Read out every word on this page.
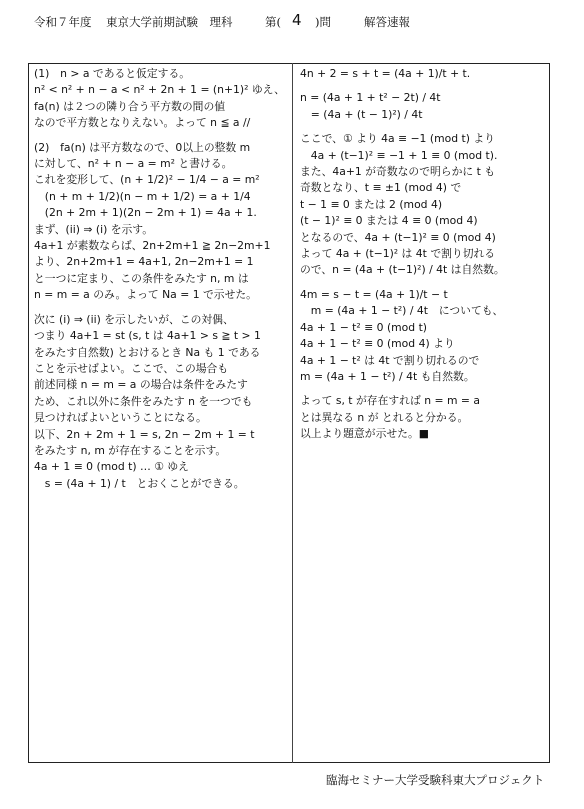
令和７年度 東京大学前期試験　理科	第( 4 )問	解答速報
(1)　n > a であると仮定する。
n² < n² + n − a < n² + 2n + 1 = (n+1)² ゆえ、
fa(n) は２つの隣り合う平方数の間の値
なので平方数となりえない。よって n ≦ a //
(2)　fa(n) は平方数なので、0以上の整数 m
に対して、n² + n − a = m² と書ける。
これを変形して、(n + 1/2)² − 1/4 − a = m²
　(n + m + 1/2)(n − m + 1/2) = a + 1/4
　(2n + 2m + 1)(2n − 2m + 1) = 4a + 1.
まず、(ii) ⇒ (i) を示す。
4a+1 が素数ならば、2n+2m+1 ≧ 2n−2m+1
より、2n+2m+1 = 4a+1, 2n−2m+1 = 1
と一つに定まり、この条件をみたす n, m は
n = m = a のみ。よって Na = 1 で示せた。
次に (i) ⇒ (ii) を示したいが、この対偶、
つまり 4a+1 = st (s, t は 4a+1 > s ≧ t > 1
をみたす自然数) とおけるとき Na も 1 である
ことを示せばよい。ここで、この場合も
前述同様 n = m = a の場合は条件をみたす
ため、これ以外に条件をみたす n を一つでも
見つければよいということになる。
以下、2n + 2m + 1 = s, 2n − 2m + 1 = t
をみたす n, m が存在することを示す。
4a + 1 ≡ 0 (mod t) … ① ゆえ
　s = (4a + 1) / t　とおくことができる。
4n + 2 = s + t = (4a + 1)/t + t.
n = (4a + 1 + t² − 2t) / 4t
　= (4a + (t − 1)²) / 4t
ここで、① より 4a ≡ −1 (mod t) より
　4a + (t−1)² ≡ −1 + 1 ≡ 0 (mod t).
また、4a+1 が奇数なので明らかに t も
奇数となり、t ≡ ±1 (mod 4) で
t − 1 ≡ 0 または 2 (mod 4)
(t − 1)² ≡ 0 または 4 ≡ 0 (mod 4)
となるので、4a + (t−1)² ≡ 0 (mod 4)
よって 4a + (t−1)² は 4t で割り切れる
ので、n = (4a + (t−1)²) / 4t は自然数。
4m = s − t = (4a + 1)/t − t
　m = (4a + 1 − t²) / 4t　についても、
4a + 1 − t² ≡ 0 (mod t)
4a + 1 − t² ≡ 0 (mod 4) より
4a + 1 − t² は 4t で割り切れるので
m = (4a + 1 − t²) / 4t も自然数。
よって s, t が存在すれば n = m = a
とは異なる n が とれると分かる。
以上より題意が示せた。■
臨海セミナー大学受験科東大プロジェクト
